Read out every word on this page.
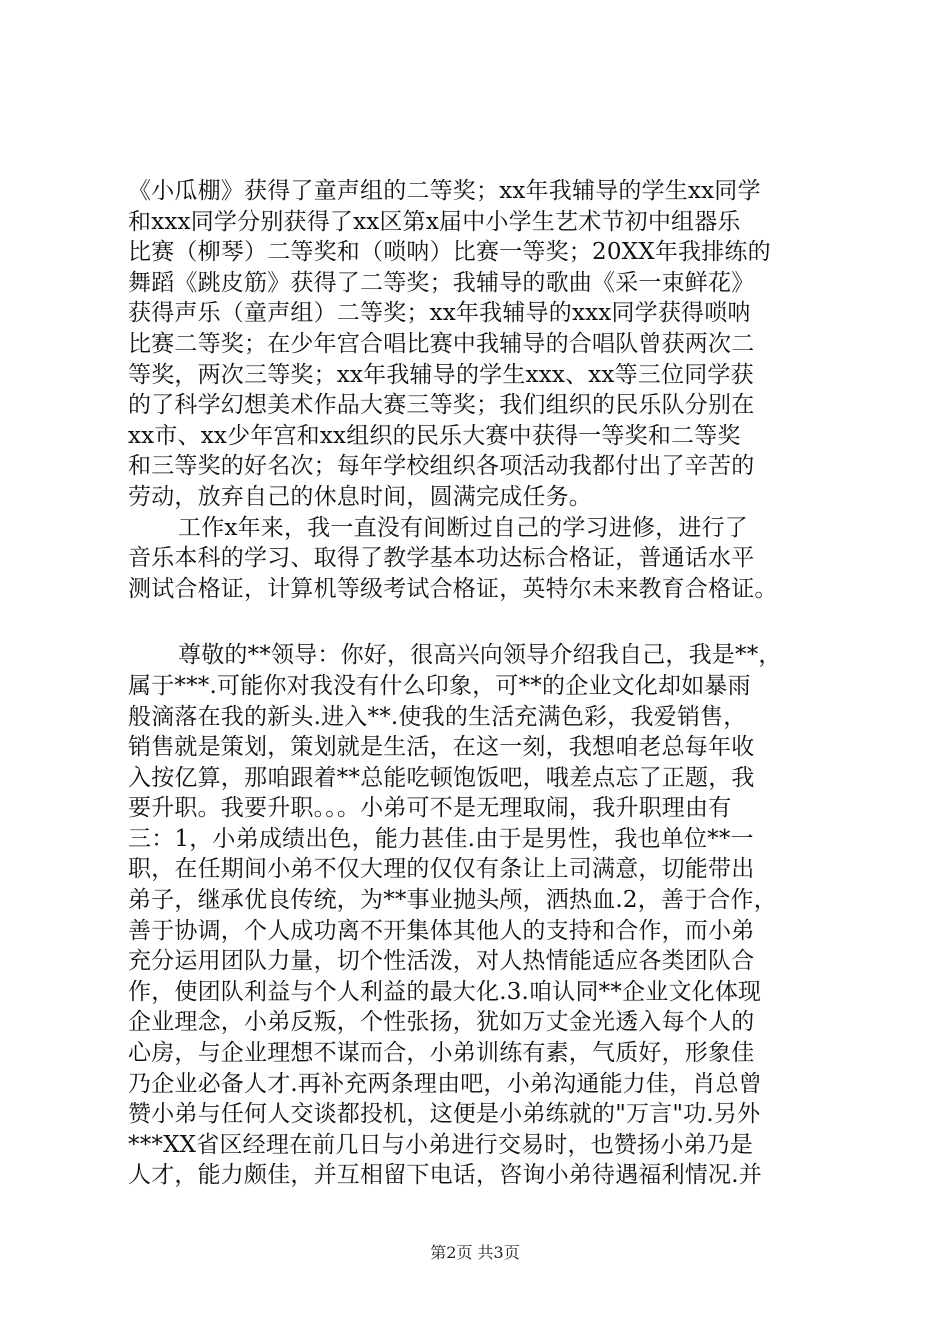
《小瓜棚》获得了童声组的二等奖；xx年我辅导的学生xx同学
和xxx同学分别获得了xx区第x届中小学生艺术节初中组器乐
比赛（柳琴）二等奖和（唢呐）比赛一等奖；20XX年我排练的
舞蹈《跳皮筋》获得了二等奖；我辅导的歌曲《采一束鲜花》
获得声乐（童声组）二等奖；xx年我辅导的xxx同学获得唢呐
比赛二等奖；在少年宫合唱比赛中我辅导的合唱队曾获两次二
等奖，两次三等奖；xx年我辅导的学生xxx、xx等三位同学获
的了科学幻想美术作品大赛三等奖；我们组织的民乐队分别在
xx市、xx少年宫和xx组织的民乐大赛中获得一等奖和二等奖
和三等奖的好名次；每年学校组织各项活动我都付出了辛苦的
劳动，放弃自己的休息时间，圆满完成任务。
工作x年来，我一直没有间断过自己的学习进修，进行了
音乐本科的学习、取得了教学基本功达标合格证，普通话水平
测试合格证，计算机等级考试合格证，英特尔未来教育合格证。
尊敬的**领导：你好，很高兴向领导介绍我自己，我是**，
属于***.可能你对我没有什么印象，可**的企业文化却如暴雨
般滴落在我的新头.进入**.使我的生活充满色彩，我爱销售，
销售就是策划，策划就是生活，在这一刻，我想咱老总每年收
入按亿算，那咱跟着**总能吃顿饱饭吧，哦差点忘了正题，我
要升职。我要升职。。。小弟可不是无理取闹，我升职理由有
三：1，小弟成绩出色，能力甚佳.由于是男性，我也单位**一
职，在任期间小弟不仅大理的仅仅有条让上司满意，切能带出
弟子，继承优良传统，为**事业抛头颅，洒热血.2，善于合作，
善于协调，个人成功离不开集体其他人的支持和合作，而小弟
充分运用团队力量，切个性活泼，对人热情能适应各类团队合
作，使团队利益与个人利益的最大化.3.咱认同**企业文化体现
企业理念，小弟反叛，个性张扬，犹如万丈金光透入每个人的
心房，与企业理想不谋而合，小弟训练有素，气质好，形象佳
乃企业必备人才.再补充两条理由吧，小弟沟通能力佳，肖总曾
赞小弟与任何人交谈都投机，这便是小弟练就的"万言"功.另外
***XX省区经理在前几日与小弟进行交易时，也赞扬小弟乃是
人才，能力颇佳，并互相留下电话，咨询小弟待遇福利情况.并
第2页 共3页
